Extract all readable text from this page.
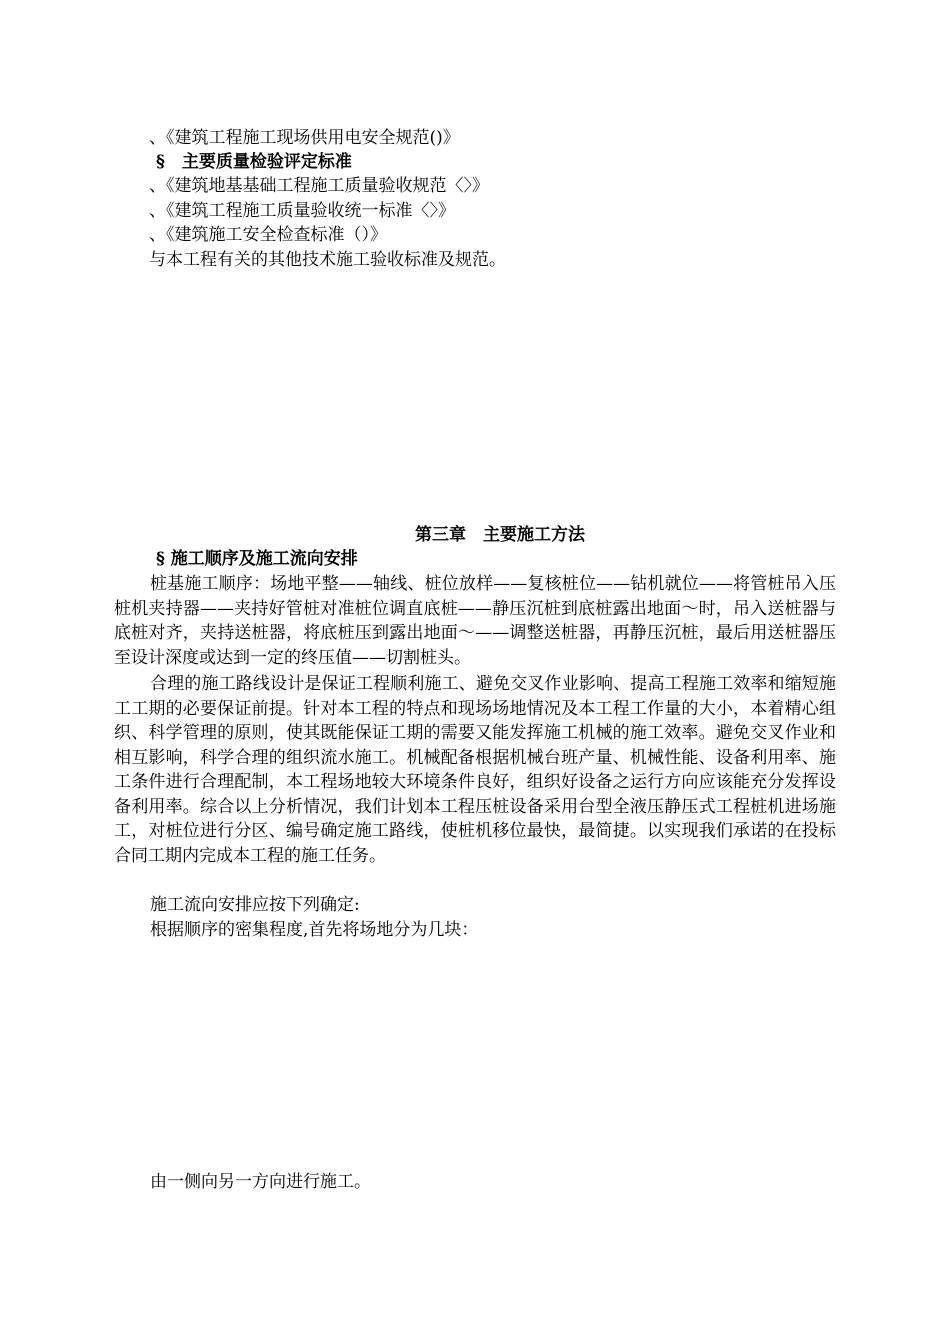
、《建筑工程施工现场供用电安全规范()》

§　主要质量检验评定标准

、《建筑地基基础工程施工质量验收规范〈〉》

、《建筑工程施工质量验收统一标准〈〉》

、《建筑施工安全检查标准（）》

与本工程有关的其他技术施工验收标准及规范。

第三章　主要施工方法

§ 施工顺序及施工流向安排

桩基施工顺序：场地平整——轴线、桩位放样——复核桩位——钻机就位——将管桩吊入压桩机夹持器——夹持好管桩对准桩位调直底桩——静压沉桩到底桩露出地面～时，吊入送桩器与底桩对齐，夹持送桩器，将底桩压到露出地面～——调整送桩器，再静压沉桩，最后用送桩器压至设计深度或达到一定的终压值——切割桩头。

合理的施工路线设计是保证工程顺利施工、避免交叉作业影响、提高工程施工效率和缩短施工工期的必要保证前提。针对本工程的特点和现场场地情况及本工程工作量的大小，本着精心组织、科学管理的原则，使其既能保证工期的需要又能发挥施工机械的施工效率。避免交叉作业和相互影响，科学合理的组织流水施工。机械配备根据机械台班产量、机械性能、设备利用率、施工条件进行合理配制，本工程场地较大环境条件良好，组织好设备之运行方向应该能充分发挥设备利用率。综合以上分析情况，我们计划本工程压桩设备采用台型全液压静压式工程桩机进场施工，对桩位进行分区、编号确定施工路线，使桩机移位最快，最简捷。以实现我们承诺的在投标合同工期内完成本工程的施工任务。

施工流向安排应按下列确定:

根据顺序的密集程度,首先将场地分为几块：

由一侧向另一方向进行施工。
